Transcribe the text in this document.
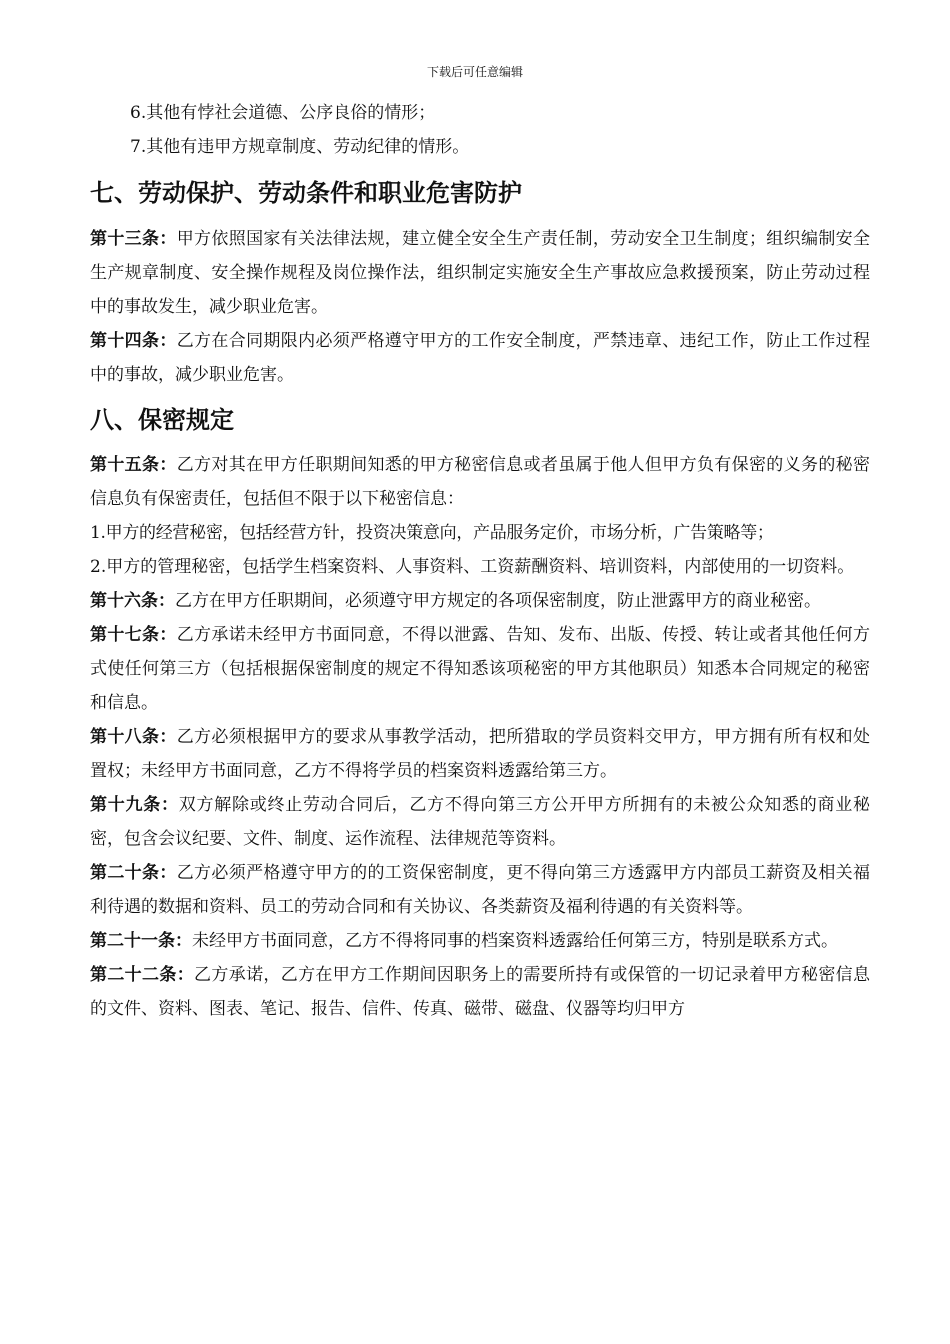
下载后可任意编辑

6.其他有悖社会道德、公序良俗的情形；

7.其他有违甲方规章制度、劳动纪律的情形。

七、劳动保护、劳动条件和职业危害防护

第十三条：甲方依照国家有关法律法规，建立健全安全生产责任制，劳动安全卫生制度；组织编制安全生产规章制度、安全操作规程及岗位操作法，组织制定实施安全生产事故应急救援预案，防止劳动过程中的事故发生，减少职业危害。

第十四条：乙方在合同期限内必须严格遵守甲方的工作安全制度，严禁违章、违纪工作，防止工作过程中的事故，减少职业危害。

八、保密规定

第十五条：乙方对其在甲方任职期间知悉的甲方秘密信息或者虽属于他人但甲方负有保密的义务的秘密信息负有保密责任，包括但不限于以下秘密信息：

1.甲方的经营秘密，包括经营方针，投资决策意向，产品服务定价，市场分析，广告策略等；

2.甲方的管理秘密，包括学生档案资料、人事资料、工资薪酬资料、培训资料，内部使用的一切资料。

第十六条：乙方在甲方任职期间，必须遵守甲方规定的各项保密制度，防止泄露甲方的商业秘密。

第十七条：乙方承诺未经甲方书面同意，不得以泄露、告知、发布、出版、传授、转让或者其他任何方式使任何第三方（包括根据保密制度的规定不得知悉该项秘密的甲方其他职员）知悉本合同规定的秘密和信息。

第十八条：乙方必须根据甲方的要求从事教学活动，把所猎取的学员资料交甲方，甲方拥有所有权和处置权；未经甲方书面同意，乙方不得将学员的档案资料透露给第三方。

第十九条：双方解除或终止劳动合同后，乙方不得向第三方公开甲方所拥有的未被公众知悉的商业秘密，包含会议纪要、文件、制度、运作流程、法律规范等资料。

第二十条：乙方必须严格遵守甲方的的工资保密制度，更不得向第三方透露甲方内部员工薪资及相关福利待遇的数据和资料、员工的劳动合同和有关协议、各类薪资及福利待遇的有关资料等。

第二十一条：未经甲方书面同意，乙方不得将同事的档案资料透露给任何第三方，特别是联系方式。

第二十二条：乙方承诺，乙方在甲方工作期间因职务上的需要所持有或保管的一切记录着甲方秘密信息的文件、资料、图表、笔记、报告、信件、传真、磁带、磁盘、仪器等均归甲方
